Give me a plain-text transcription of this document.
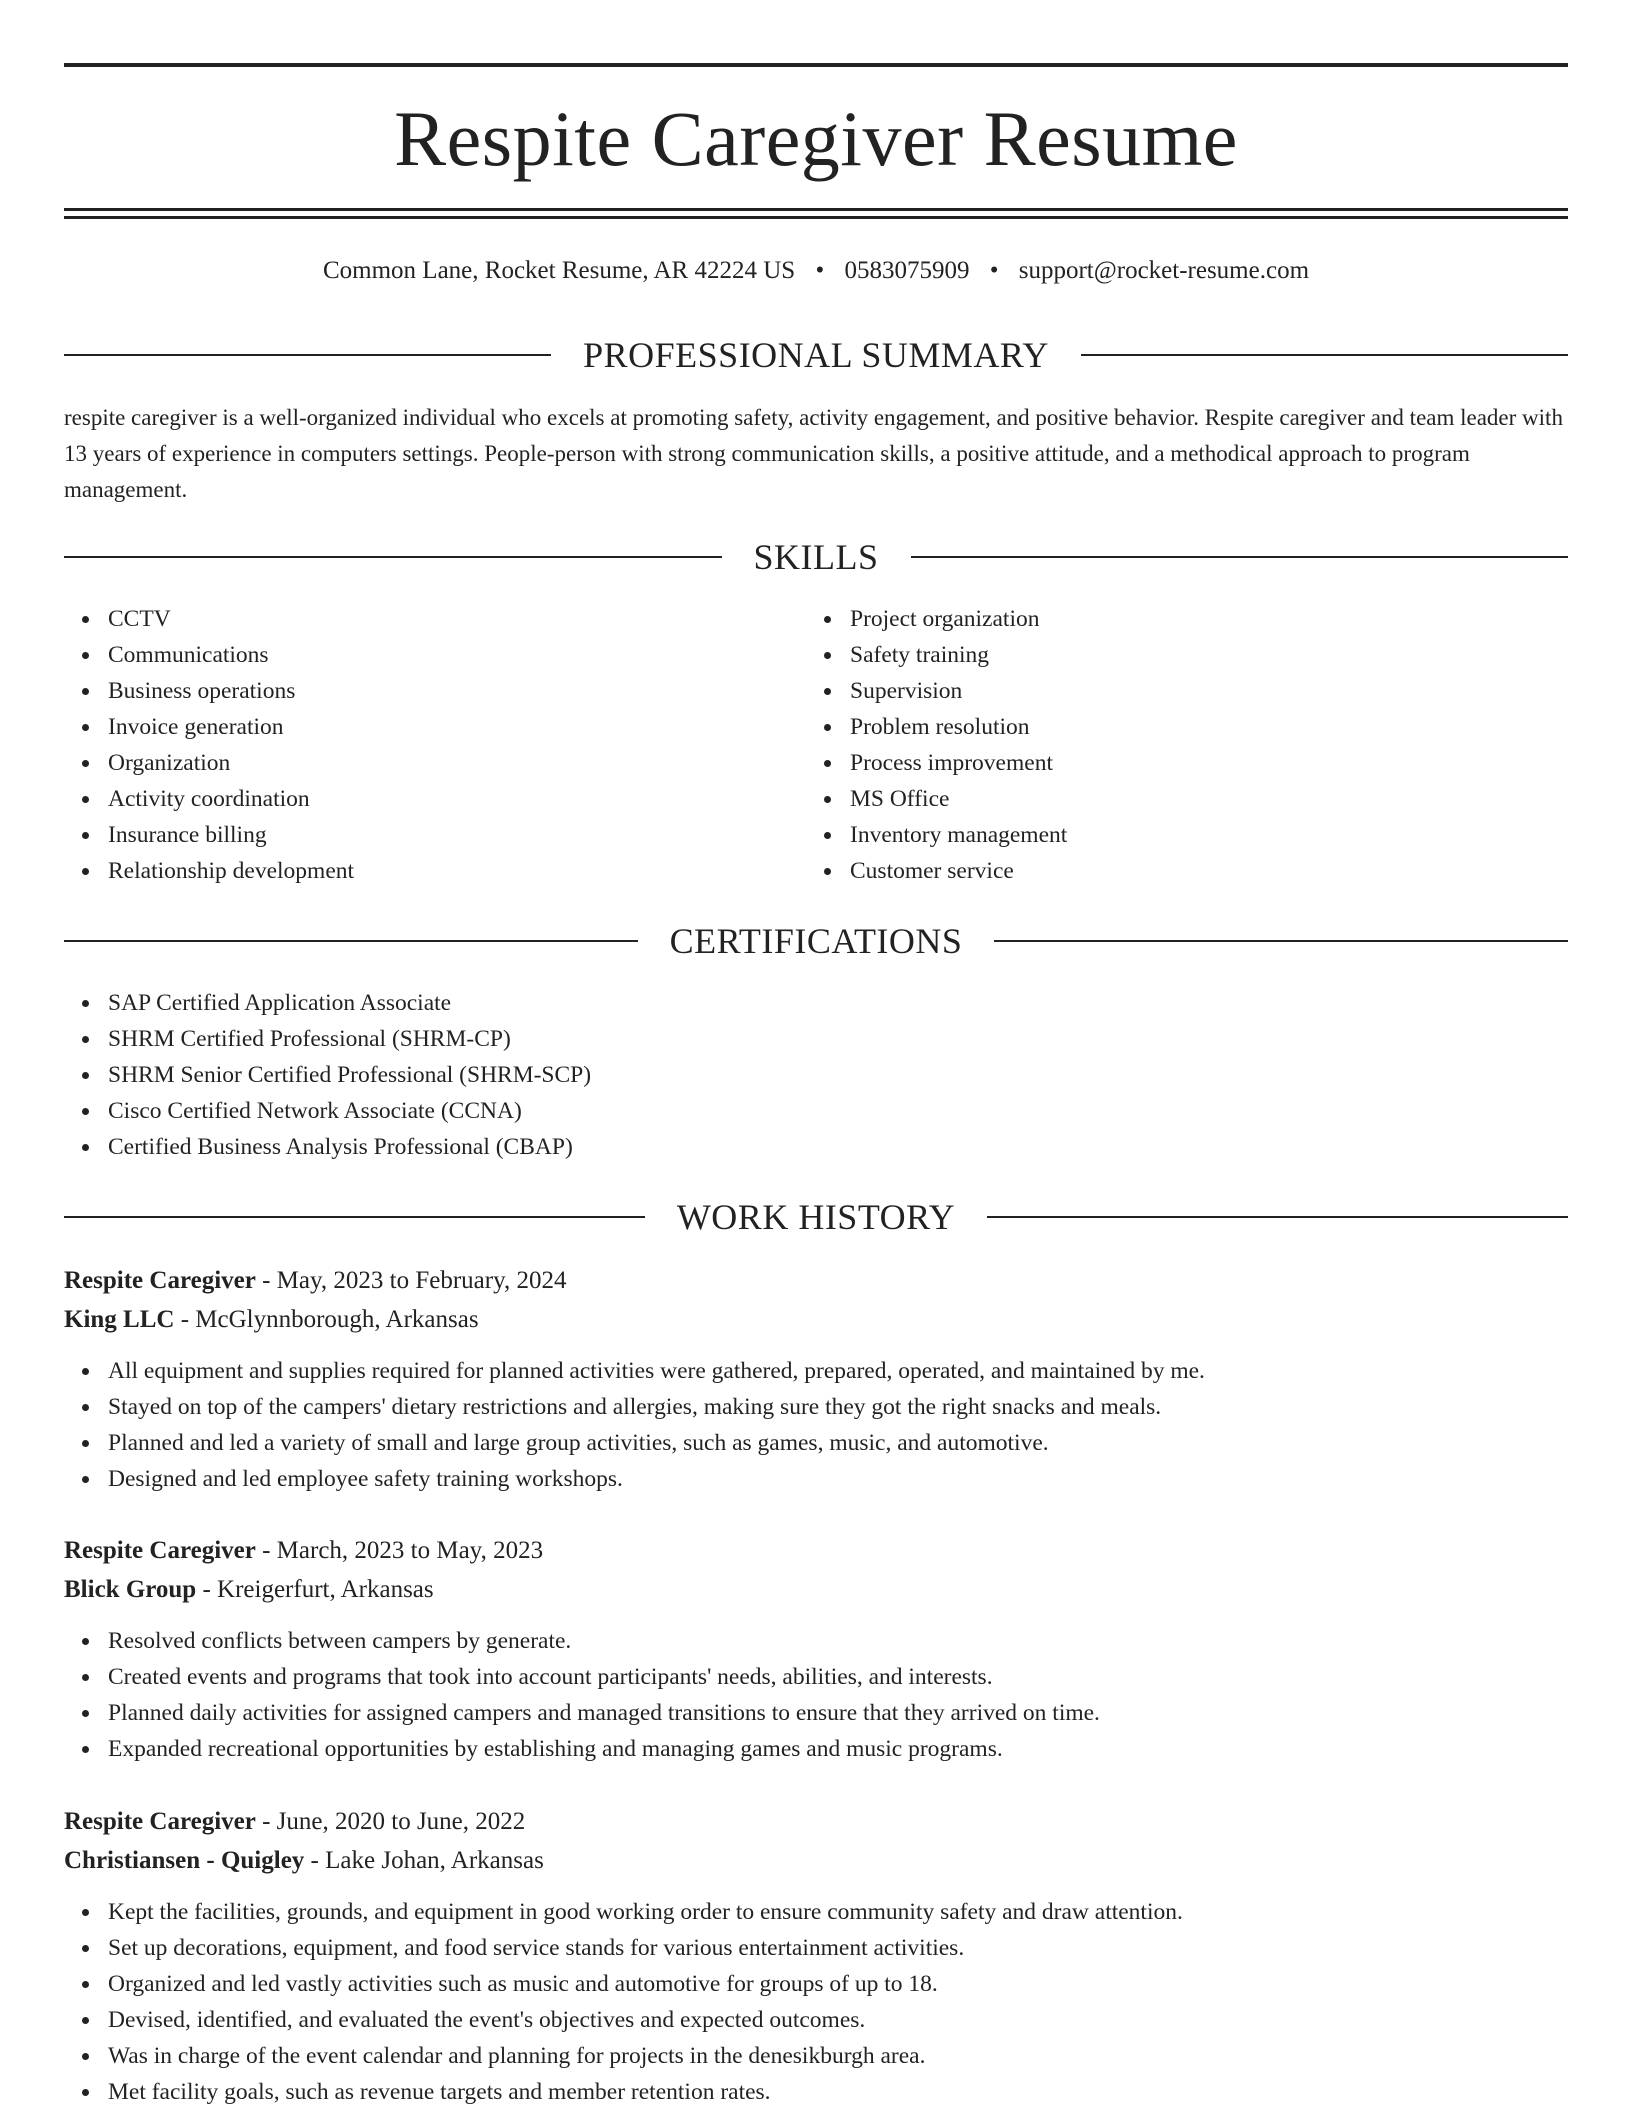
Respite Caregiver Resume
Common Lane, Rocket Resume, AR 42224 US • 0583075909 • support@rocket-resume.com
PROFESSIONAL SUMMARY
respite caregiver is a well-organized individual who excels at promoting safety, activity engagement, and positive behavior. Respite caregiver and team leader with 13 years of experience in computers settings. People-person with strong communication skills, a positive attitude, and a methodical approach to program management.
SKILLS
CCTV
Communications
Business operations
Invoice generation
Organization
Activity coordination
Insurance billing
Relationship development
Project organization
Safety training
Supervision
Problem resolution
Process improvement
MS Office
Inventory management
Customer service
CERTIFICATIONS
SAP Certified Application Associate
SHRM Certified Professional (SHRM-CP)
SHRM Senior Certified Professional (SHRM-SCP)
Cisco Certified Network Associate (CCNA)
Certified Business Analysis Professional (CBAP)
WORK HISTORY
Respite Caregiver - May, 2023 to February, 2024
King LLC - McGlynnborough, Arkansas
All equipment and supplies required for planned activities were gathered, prepared, operated, and maintained by me.
Stayed on top of the campers' dietary restrictions and allergies, making sure they got the right snacks and meals.
Planned and led a variety of small and large group activities, such as games, music, and automotive.
Designed and led employee safety training workshops.
Respite Caregiver - March, 2023 to May, 2023
Blick Group - Kreigerfurt, Arkansas
Resolved conflicts between campers by generate.
Created events and programs that took into account participants' needs, abilities, and interests.
Planned daily activities for assigned campers and managed transitions to ensure that they arrived on time.
Expanded recreational opportunities by establishing and managing games and music programs.
Respite Caregiver - June, 2020 to June, 2022
Christiansen - Quigley - Lake Johan, Arkansas
Kept the facilities, grounds, and equipment in good working order to ensure community safety and draw attention.
Set up decorations, equipment, and food service stands for various entertainment activities.
Organized and led vastly activities such as music and automotive for groups of up to 18.
Devised, identified, and evaluated the event's objectives and expected outcomes.
Was in charge of the event calendar and planning for projects in the denesikburgh area.
Met facility goals, such as revenue targets and member retention rates.
